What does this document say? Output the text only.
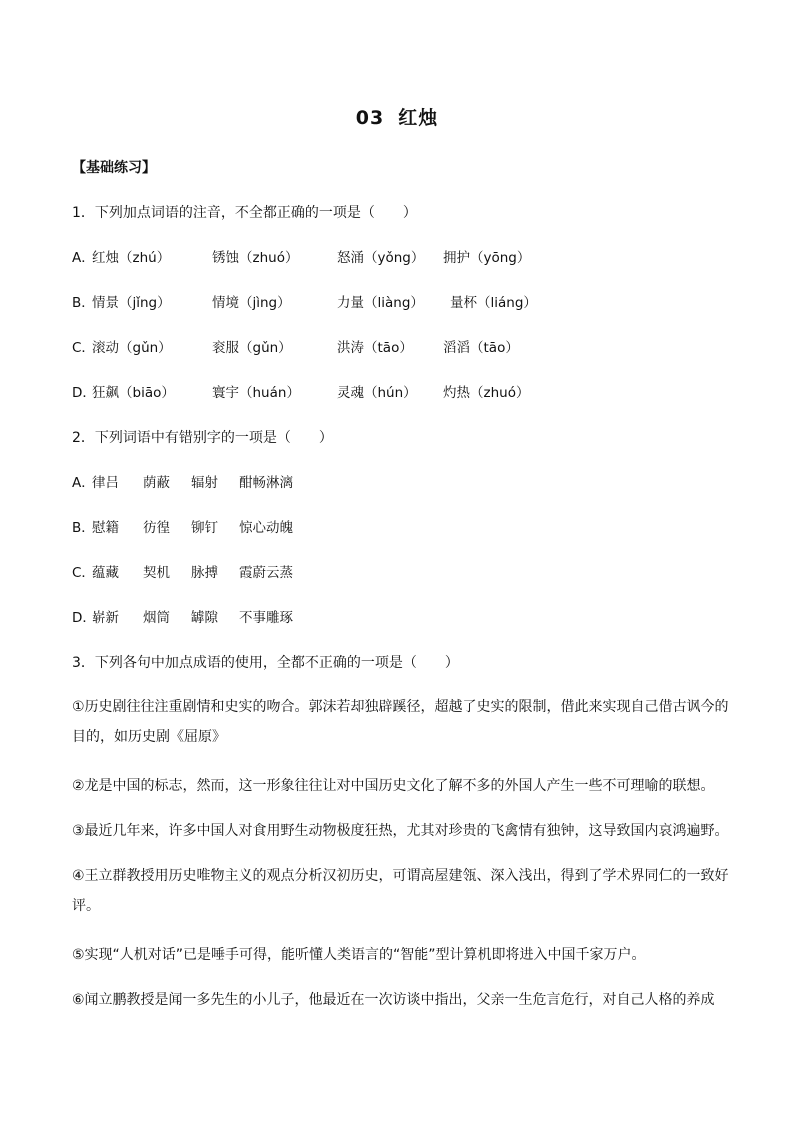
03 红烛
【基础练习】
1．下列加点词语的注音，不全都正确的一项是（　　）
A．
红烛（zhú）	锈蚀（zhuó）	怒涌（yǒng） 拥护（yōng）
B．
情景（jǐng）	情境（jìng）	力量（liàng） 量杯（liáng）
C．
滚动（gǔn）	衮服（gǔn）	洪涛（tāo） 滔滔（tāo）
D．
狂飙（biāo）	寰宇（huán）	灵魂（hún） 灼热（zhuó）
2．下列词语中有错别字的一项是（　　）
A．
律吕 荫蔽 辐射 酣畅淋漓
B．
慰籍 彷徨 铆钉 惊心动魄
C．
蕴藏 契机 脉搏 霞蔚云蒸
D．
崭新 烟筒 罅隙 不事雕琢
3．下列各句中加点成语的使用，全都不正确的一项是（　　）
①历史剧往往注重剧情和史实的吻合。郭沫若却独辟蹊径，超越了史实的限制，借此来实现自己借古讽今的目的，如历史剧《屈原》
②龙是中国的标志，然而，这一形象往往让对中国历史文化了解不多的外国人产生一些不可理喻的联想。
③最近几年来，许多中国人对食用野生动物极度狂热，尤其对珍贵的飞禽情有独钟，这导致国内哀鸿遍野。
④王立群教授用历史唯物主义的观点分析汉初历史，可谓高屋建瓴、深入浅出，得到了学术界同仁的一致好评。
⑤实现“人机对话”已是唾手可得，能听懂人类语言的“智能”型计算机即将进入中国千家万户。
⑥闻立鹏教授是闻一多先生的小儿子，他最近在一次访谈中指出，父亲一生危言危行，对自己人格的养成
